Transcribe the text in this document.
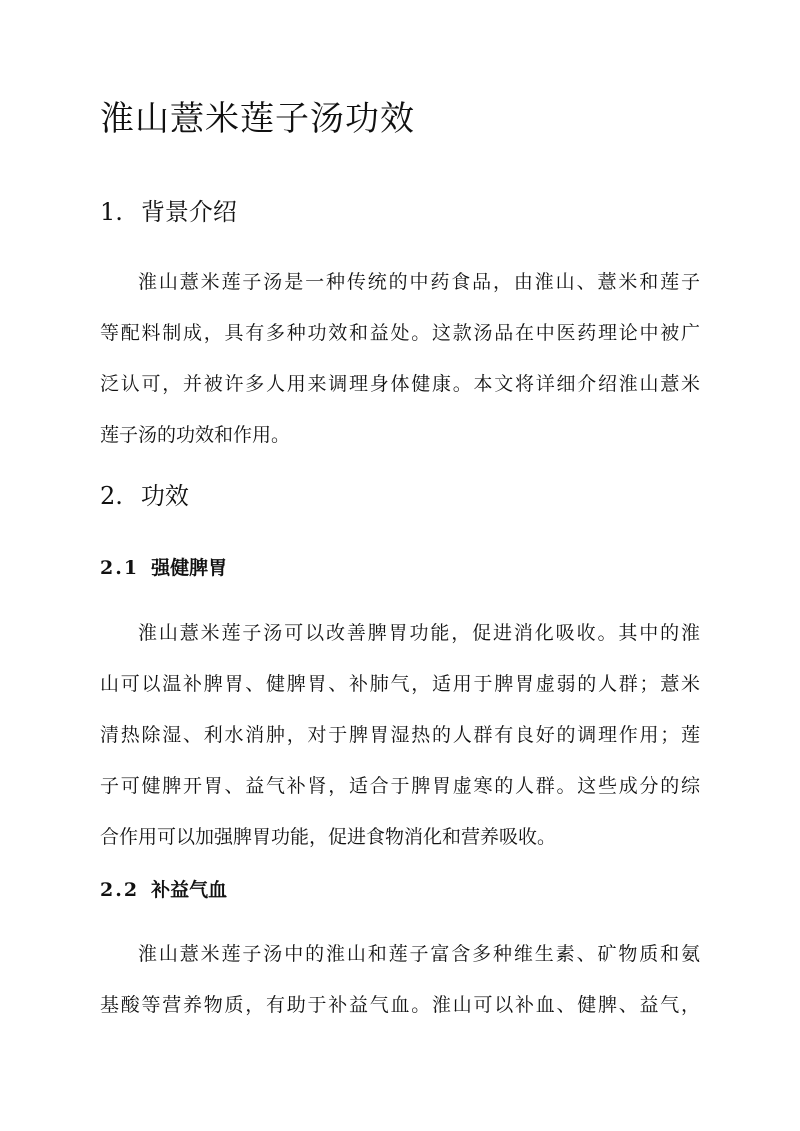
淮山薏米莲子汤功效
1. 背景介绍
淮山薏米莲子汤是一种传统的中药食品，由淮山、薏米和莲子
等配料制成，具有多种功效和益处。这款汤品在中医药理论中被广
泛认可，并被许多人用来调理身体健康。本文将详细介绍淮山薏米
莲子汤的功效和作用。
2. 功效
2.1 强健脾胃
淮山薏米莲子汤可以改善脾胃功能，促进消化吸收。其中的淮
山可以温补脾胃、健脾胃、补肺气，适用于脾胃虚弱的人群；薏米
清热除湿、利水消肿，对于脾胃湿热的人群有良好的调理作用；莲
子可健脾开胃、益气补肾，适合于脾胃虚寒的人群。这些成分的综
合作用可以加强脾胃功能，促进食物消化和营养吸收。
2.2 补益气血
淮山薏米莲子汤中的淮山和莲子富含多种维生素、矿物质和氨
基酸等营养物质，有助于补益气血。淮山可以补血、健脾、益气，
